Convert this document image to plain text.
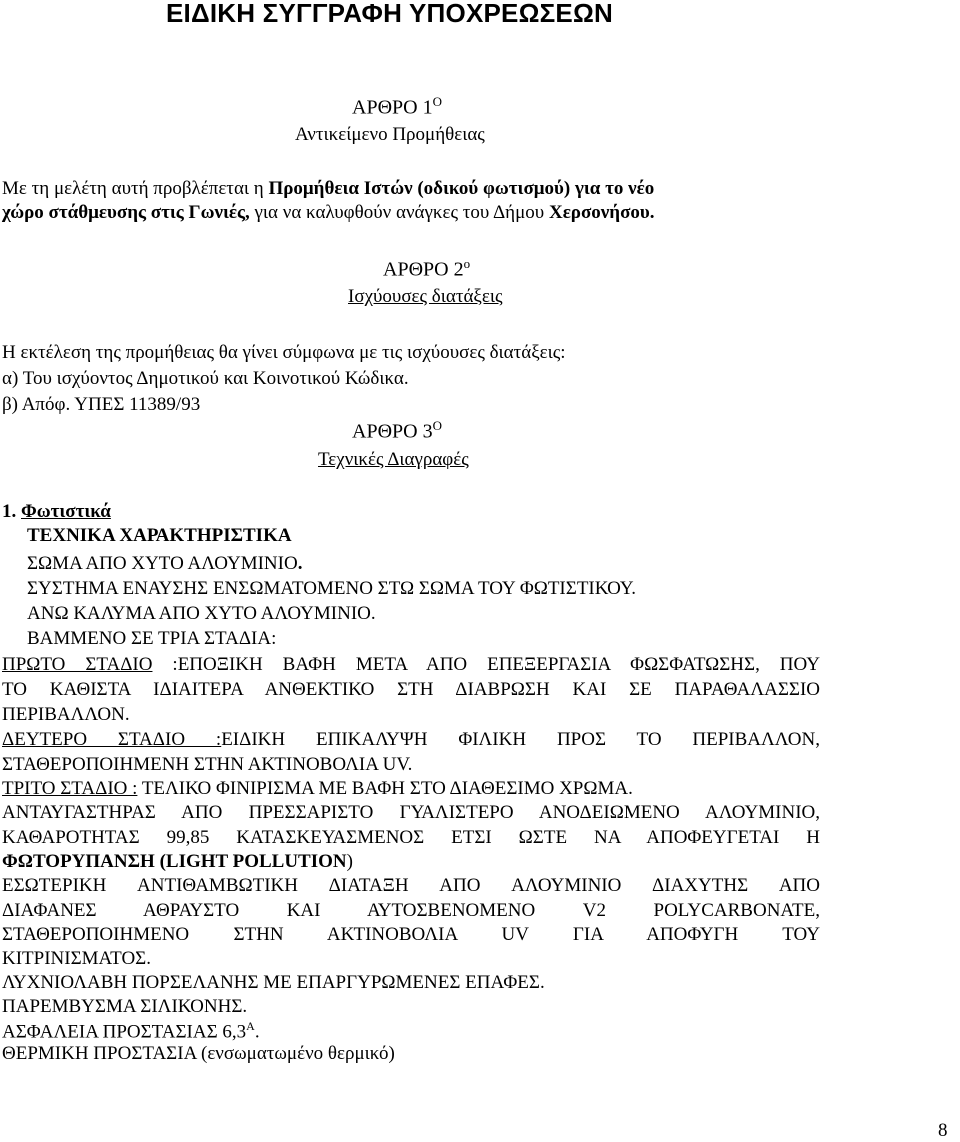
ΕΙΔΙΚΗ ΣΥΓΓΡΑΦΗ ΥΠΟΧΡΕΩΣΕΩΝ
ΑΡΘΡΟ $1^O$
Αντικείμενο Προμήθειας
Με τη μελέτη αυτή προβλέπεται η Προμήθεια Ιστών (οδικού φωτισμού) για το νέο
χώρο στάθμευσης στις Γωνιές, για να καλυφθούν ανάγκες του Δήμου Χερσονήσου.
ΑΡΘΡΟ $2^o$
Ισχύουσες διατάξεις
Η εκτέλεση της προμήθειας θα γίνει σύμφωνα με τις ισχύουσες διατάξεις:
α) Του ισχύοντος Δημοτικού και Κοινοτικού Κώδικα.
β) Απόφ. ΥΠΕΣ 11389/93
ΑΡΘΡΟ $3^O$
Τεχνικές Διαγραφές
1. Φωτιστικά
ΤΕΧΝΙΚΑ ΧΑΡΑΚΤΗΡΙΣΤΙΚΑ
ΣΩΜΑ ΑΠΟ ΧΥΤΟ ΑΛΟΥΜΙΝΙΟ.
ΣΥΣΤΗΜΑ ΕΝΑΥΣΗΣ ΕΝΣΩΜΑΤΟΜΕΝΟ ΣΤΩ ΣΩΜΑ ΤΟΥ ΦΩΤΙΣΤΙΚΟΥ.
ΑΝΩ ΚΑΛΥΜΑ ΑΠΟ ΧΥΤΟ ΑΛΟΥΜΙΝΙΟ.
ΒΑΜΜΕΝΟ ΣΕ ΤΡΙΑ ΣΤΑΔΙΑ:
ΠΡΩΤΟ ΣΤΑΔΙΟ :ΕΠΟΞΙΚΗ ΒΑΦΗ ΜΕΤΑ ΑΠΟ ΕΠΕΞΕΡΓΑΣΙΑ ΦΩΣΦΑΤΩΣΗΣ, ΠΟΥ
ΤΟ ΚΑΘΙΣΤΑ ΙΔΙΑΙΤΕΡΑ ΑΝΘΕΚΤΙΚΟ ΣΤΗ ΔΙΑΒΡΩΣΗ ΚΑΙ ΣΕ ΠΑΡΑΘΑΛΑΣΣΙΟ
ΠΕΡΙΒΑΛΛΟΝ.
ΔΕΥΤΕΡΟ ΣΤΑΔΙΟ :ΕΙΔΙΚΗ ΕΠΙΚΑΛΥΨΗ ΦΙΛΙΚΗ ΠΡΟΣ ΤΟ ΠΕΡΙΒΑΛΛΟΝ,
ΣΤΑΘΕΡΟΠΟΙΗΜΕΝΗ ΣΤΗΝ ΑΚΤΙΝΟΒΟΛΙΑ UV.
ΤΡΙΤΟ ΣΤΑΔΙΟ : ΤΕΛΙΚΟ ΦΙΝΙΡΙΣΜΑ ΜΕ ΒΑΦΗ ΣΤΟ ΔΙΑΘΕΣΙΜΟ ΧΡΩΜΑ.
ΑΝΤΑΥΓΑΣΤΗΡΑΣ ΑΠΟ ΠΡΕΣΣΑΡΙΣΤΟ ΓΥΑΛΙΣΤΕΡΟ ΑΝΟΔΕΙΩΜΕΝΟ ΑΛΟΥΜΙΝΙΟ,
ΚΑΘΑΡΟΤΗΤΑΣ 99,85 ΚΑΤΑΣΚΕΥΑΣΜΕΝΟΣ ΕΤΣΙ ΩΣΤΕ ΝΑ ΑΠΟΦΕΥΓΕΤΑΙ Η
ΦΩΤΟΡΥΠΑΝΣΗ (LIGHT POLLUTION)
ΕΣΩΤΕΡΙΚΗ ΑΝΤΙΘΑΜΒΩΤΙΚΗ ΔΙΑΤΑΞΗ ΑΠΟ ΑΛΟΥΜΙΝΙΟ ΔΙΑΧΥΤΗΣ ΑΠΟ
ΔΙΑΦΑΝΕΣ ΑΘΡΑΥΣΤΟ ΚΑΙ ΑΥΤΟΣΒΕΝΟΜΕΝΟ V2 POLYCARBONATE,
ΣΤΑΘΕΡΟΠΟΙΗΜΕΝΟ ΣΤΗΝ ΑΚΤΙΝΟΒΟΛΙΑ UV ΓΙΑ ΑΠΟΦΥΓΗ ΤΟΥ
ΚΙΤΡΙΝΙΣΜΑΤΟΣ.
ΛΥΧΝΙΟΛΑΒΗ ΠΟΡΣΕΛΑΝΗΣ ΜΕ ΕΠΑΡΓΥΡΩΜΕΝΕΣ ΕΠΑΦΕΣ.
ΠΑΡΕΜΒΥΣΜΑ ΣΙΛΙΚΟΝΗΣ.
ΑΣΦΑΛΕΙΑ ΠΡΟΣΤΑΣΙΑΣ $6,3^A$.
ΘΕΡΜΙΚΗ ΠΡΟΣΤΑΣΙΑ (ενσωματωμένο θερμικό)
8
